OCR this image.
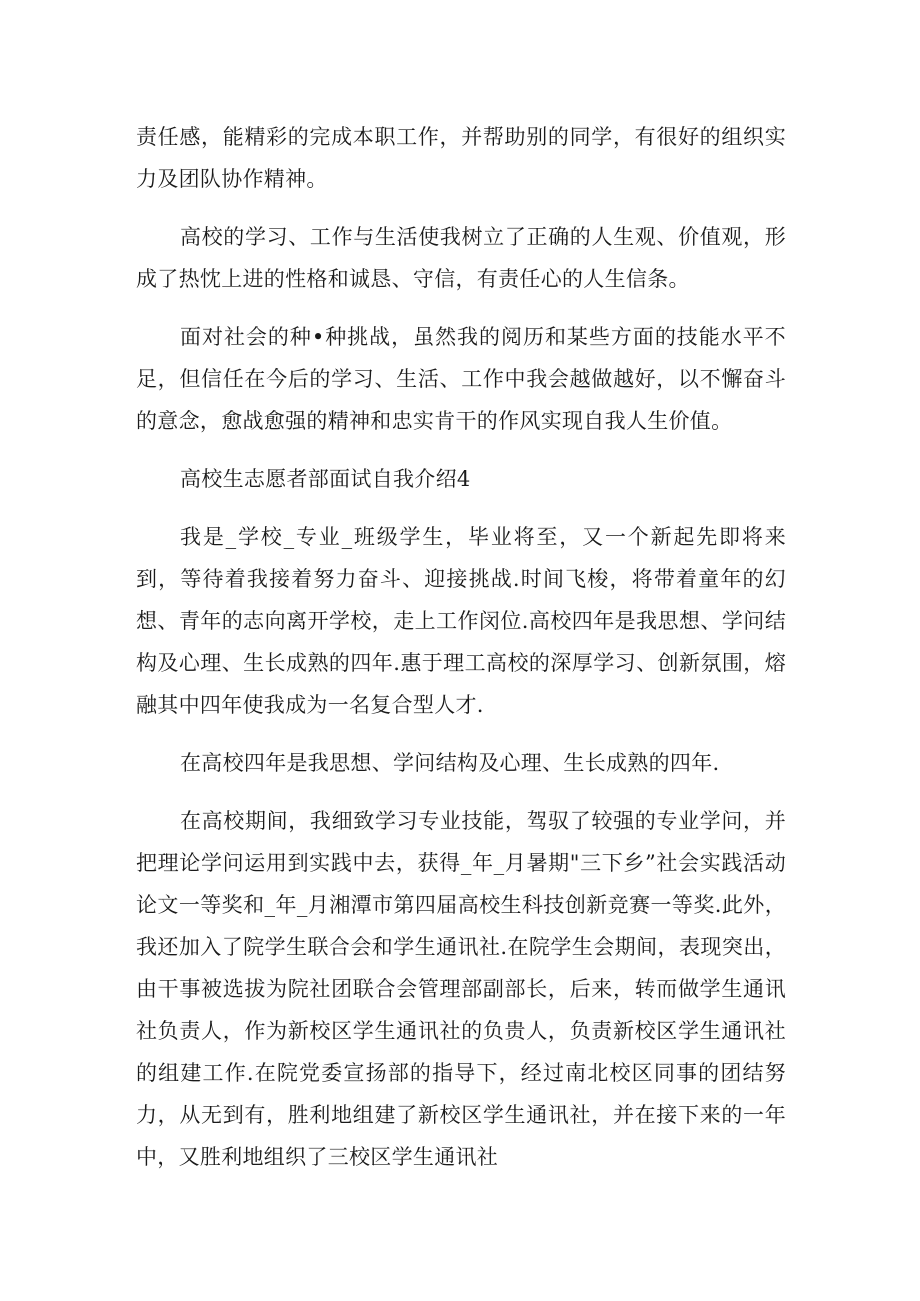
责任感，能精彩的完成本职工作，并帮助别的同学，有很好的组织实力及团队协作精神。

高校的学习、工作与生活使我树立了正确的人生观、价值观，形成了热忱上进的性格和诚恳、守信，有责任心的人生信条。

面对社会的种•种挑战，虽然我的阅历和某些方面的技能水平不足，但信任在今后的学习、生活、工作中我会越做越好，以不懈奋斗的意念，愈战愈强的精神和忠实肯干的作风实现自我人生价值。

高校生志愿者部面试自我介绍4

我是_学校_专业_班级学生，毕业将至，又一个新起先即将来到，等待着我接着努力奋斗、迎接挑战.时间飞梭，将带着童年的幻想、青年的志向离开学校，走上工作闵位.高校四年是我思想、学问结构及心理、生长成熟的四年.惠于理工高校的深厚学习、创新氛围，熔融其中四年使我成为一名复合型人才.

在高校四年是我思想、学问结构及心理、生长成熟的四年.

在高校期间，我细致学习专业技能，驾驭了较强的专业学问，并把理论学问运用到实践中去，获得_年_月暑期"三下乡”社会实践活动论文一等奖和_年_月湘潭市第四届高校生科技创新竞赛一等奖.此外，我还加入了院学生联合会和学生通讯社.在院学生会期间，表现突出，由干事被选拔为院社团联合会管理部副部长，后来，转而做学生通讯社负责人，作为新校区学生通讯社的负贵人，负责新校区学生通讯社的组建工作.在院党委宣扬部的指导下，经过南北校区同事的团结努力，从无到有，胜利地组建了新校区学生通讯社，并在接下来的一年中，又胜利地组织了三校区学生通讯社
